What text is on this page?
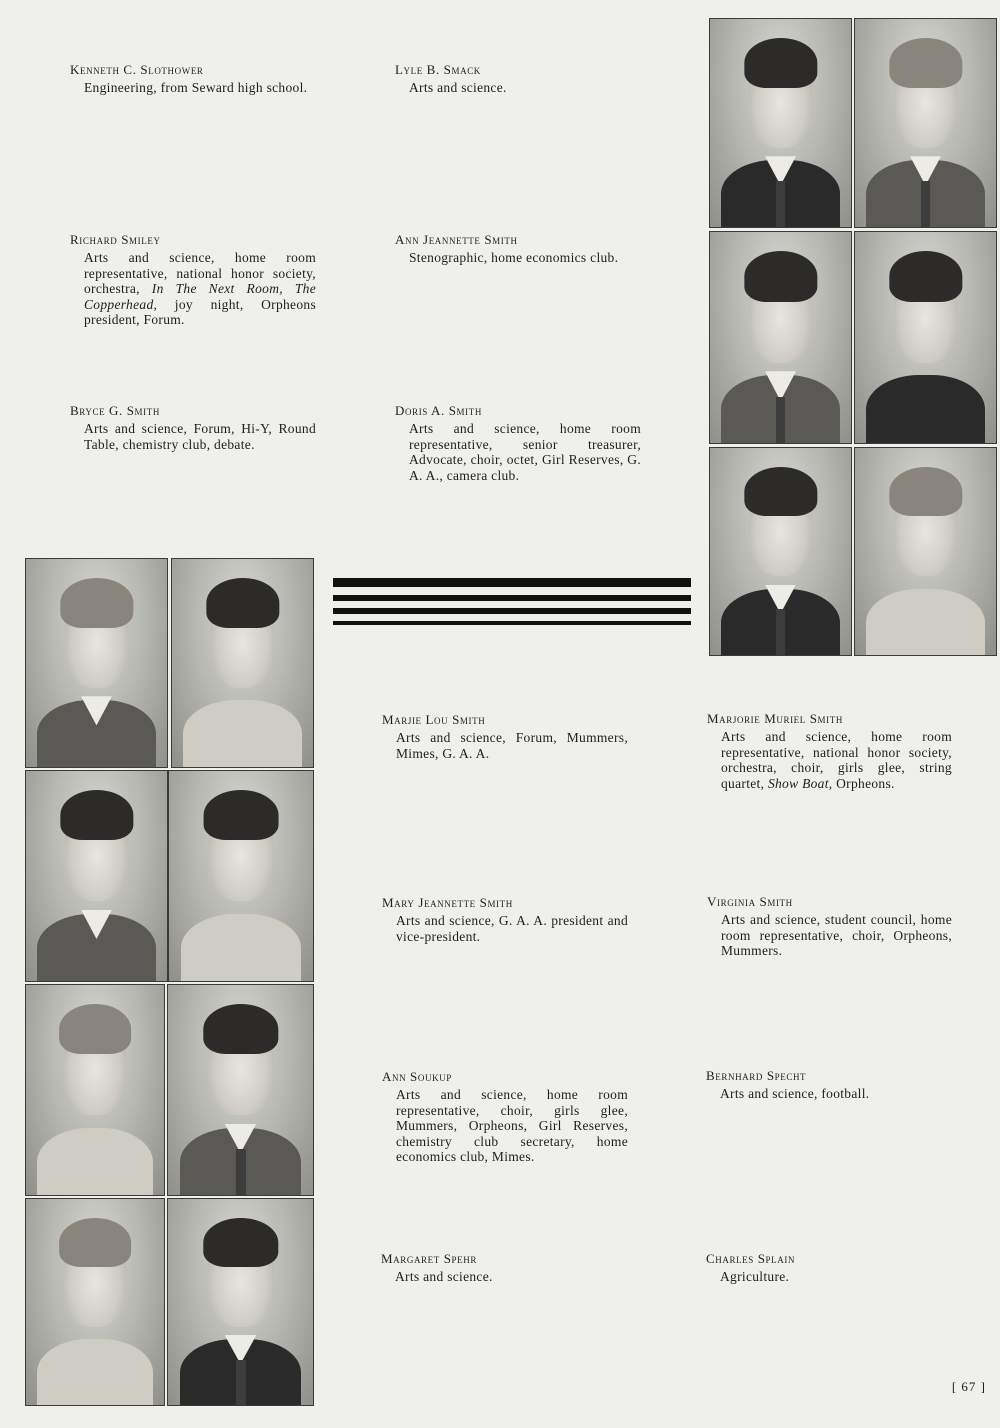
Kenneth C. Slothower

Engineering, from Seward high school.

Lyle B. Smack

Arts and science.

Richard Smiley

Arts and science, home room representative, national honor society, orchestra, In The Next Room, The Copperhead, joy night, Orpheons president, Forum.

Ann Jeannette Smith

Stenographic, home economics club.

Bryce G. Smith

Arts and science, Forum, Hi-Y, Round Table, chemistry club, debate.

Doris A. Smith

Arts and science, home room representative, senior treasurer, Advocate, choir, octet, Girl Reserves, G. A. A., camera club.

Marjie Lou Smith

Arts and science, Forum, Mummers, Mimes, G. A. A.

Marjorie Muriel Smith

Arts and science, home room representative, national honor society, orchestra, choir, girls glee, string quartet, Show Boat, Orpheons.

Mary Jeannette Smith

Arts and science, G. A. A. president and vice-president.

Virginia Smith

Arts and science, student council, home room representative, choir, Orpheons, Mummers.

Ann Soukup

Arts and science, home room representative, choir, girls glee, Mummers, Orpheons, Girl Reserves, chemistry club secretary, home economics club, Mimes.

Bernhard Specht

Arts and science, football.

Margaret Spehr

Arts and science.

Charles Splain

Agriculture.

[ 67 ]
